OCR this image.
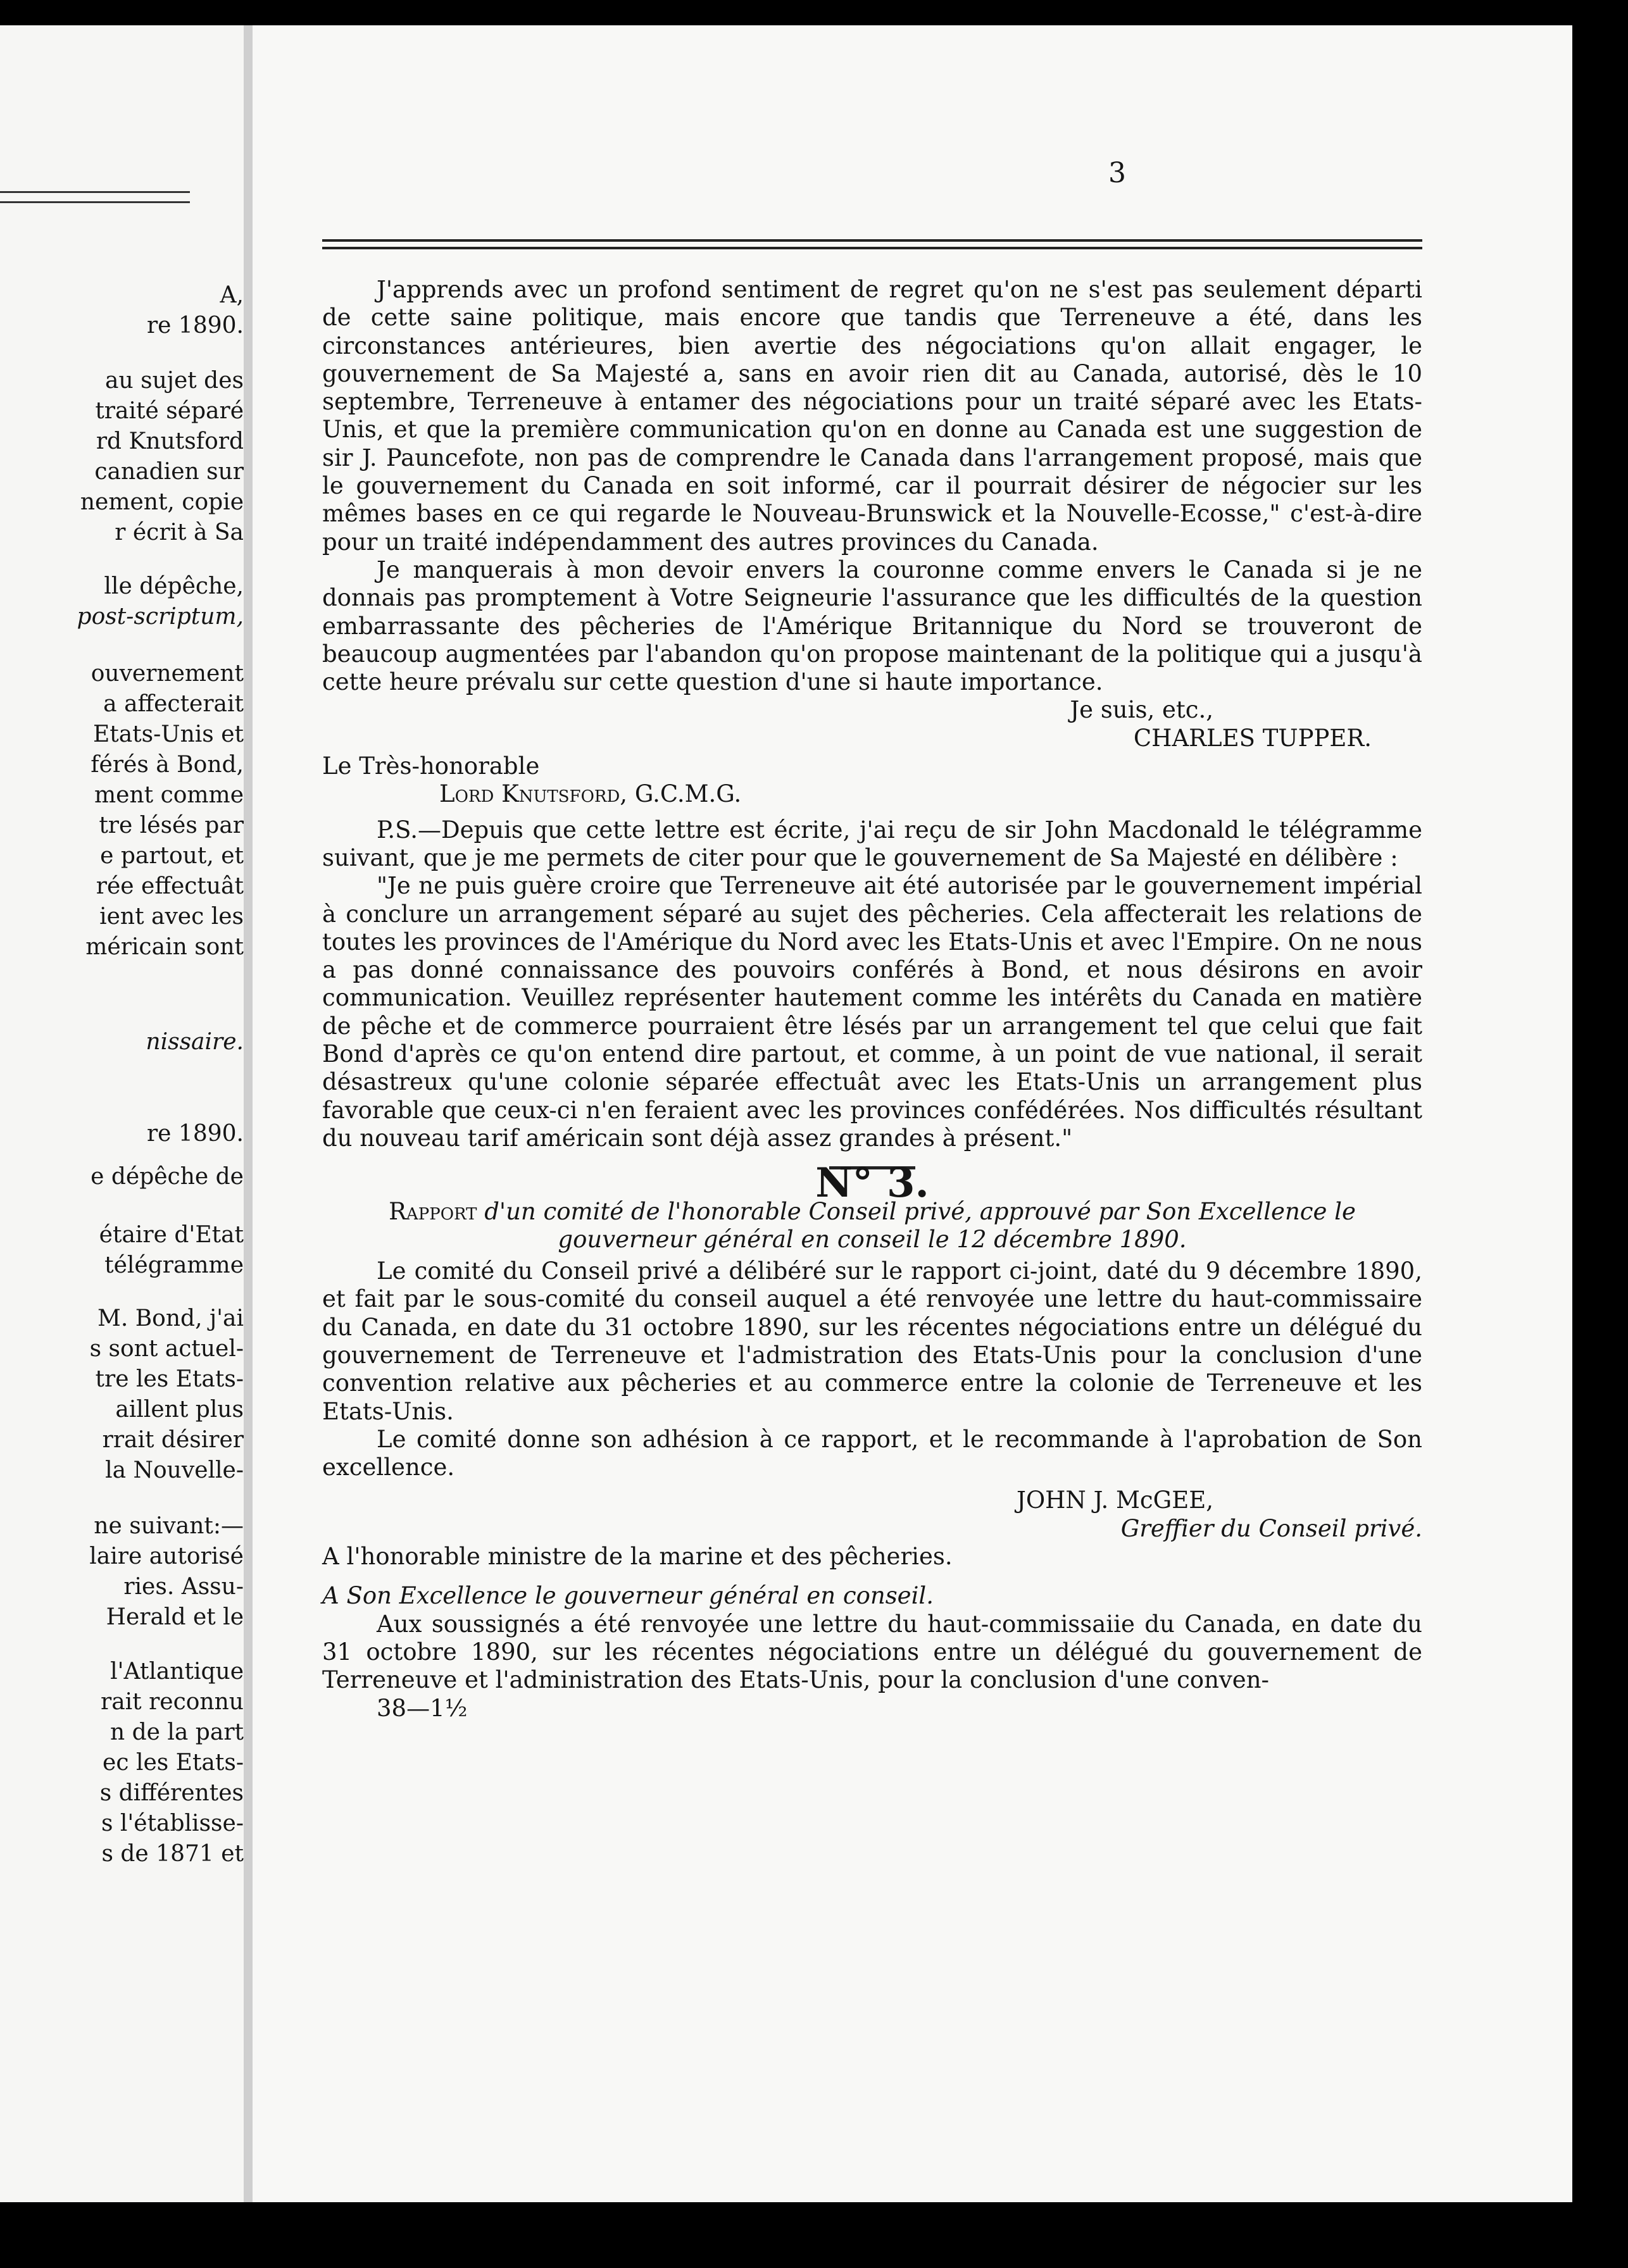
A,
re 1890.
au sujet des
traité séparé
rd Knutsford
canadien sur
nement, copie
r écrit à Sa
lle dépêche,
post-scriptum,
ouvernement
a affecterait
Etats-Unis et
férés à Bond,
ment comme
tre lésés par
e partout, et
rée effectuât
ient avec les
méricain sont
nissaire.
re 1890.
e dépêche de
étaire d'Etat
télégramme
M. Bond, j'ai
s sont actuel-
tre les Etats-
aillent plus
rrait désirer
la Nouvelle-
ne suivant:—
laire autorisé
ries. Assu-
Herald et le
l'Atlantique
rait reconnu
n de la part
ec les Etats-
s différentes
s l'établisse-
s de 1871 et
3

J'apprends avec un profond sentiment de regret qu'on ne s'est pas seulement départi de cette saine politique, mais encore que tandis que Terreneuve a été, dans les circonstances antérieures, bien avertie des négociations qu'on allait engager, le gouvernement de Sa Majesté a, sans en avoir rien dit au Canada, autorisé, dès le 10 septembre, Terreneuve à entamer des négociations pour un traité séparé avec les Etats-Unis, et que la première communication qu'on en donne au Canada est une suggestion de sir J. Pauncefote, non pas de comprendre le Canada dans l'arrangement proposé, mais que le gouvernement du Canada en soit informé, car il pourrait désirer de négocier sur les mêmes bases en ce qui regarde le Nouveau-Brunswick et la Nouvelle-Ecosse," c'est-à-dire pour un traité indépendamment des autres provinces du Canada.

Je manquerais à mon devoir envers la couronne comme envers le Canada si je ne donnais pas promptement à Votre Seigneurie l'assurance que les difficultés de la question embarrassante des pêcheries de l'Amérique Britannique du Nord se trouveront de beaucoup augmentées par l'abandon qu'on propose maintenant de la politique qui a jusqu'à cette heure prévalu sur cette question d'une si haute importance.

Je suis, etc.,

CHARLES TUPPER.

Le Très-honorable

Lord Knutsford, G.C.M.G.

P.S.—Depuis que cette lettre est écrite, j'ai reçu de sir John Macdonald le télégramme suivant, que je me permets de citer pour que le gouvernement de Sa Majesté en délibère :

"Je ne puis guère croire que Terreneuve ait été autorisée par le gouvernement impérial à conclure un arrangement séparé au sujet des pêcheries. Cela affecterait les relations de toutes les provinces de l'Amérique du Nord avec les Etats-Unis et avec l'Empire. On ne nous a pas donné connaissance des pouvoirs conférés à Bond, et nous désirons en avoir communication. Veuillez représenter hautement comme les intérêts du Canada en matière de pêche et de commerce pourraient être lésés par un arrangement tel que celui que fait Bond d'après ce qu'on entend dire partout, et comme, à un point de vue national, il serait désastreux qu'une colonie séparée effectuât avec les Etats-Unis un arrangement plus favorable que ceux-ci n'en feraient avec les provinces confédérées. Nos difficultés résultant du nouveau tarif américain sont déjà assez grandes à présent."

N° 3.

Rapport d'un comité de l'honorable Conseil privé, approuvé par Son Excellence le gouverneur général en conseil le 12 décembre 1890.

Le comité du Conseil privé a délibéré sur le rapport ci-joint, daté du 9 décembre 1890, et fait par le sous-comité du conseil auquel a été renvoyée une lettre du haut-commissaire du Canada, en date du 31 octobre 1890, sur les récentes négociations entre un délégué du gouvernement de Terreneuve et l'admistration des Etats-Unis pour la conclusion d'une convention relative aux pêcheries et au commerce entre la colonie de Terreneuve et les Etats-Unis.

Le comité donne son adhésion à ce rapport, et le recommande à l'aprobation de Son excellence.

JOHN J. McGEE,

Greffier du Conseil privé.

A l'honorable ministre de la marine et des pêcheries.

A Son Excellence le gouverneur général en conseil.

Aux soussignés a été renvoyée une lettre du haut-commissaiie du Canada, en date du 31 octobre 1890, sur les récentes négociations entre un délégué du gouvernement de Terreneuve et l'administration des Etats-Unis, pour la conclusion d'une conven-

38—1½
